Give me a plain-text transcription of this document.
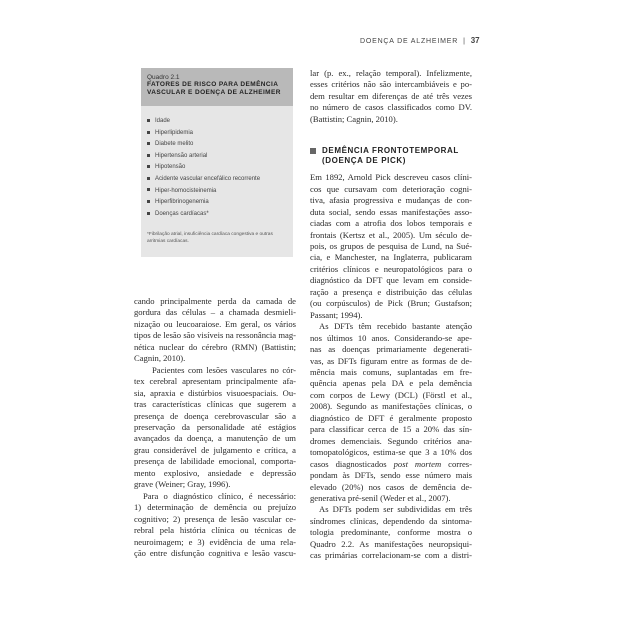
DOENÇA DE ALZHEIMER | 37
Quadro 2.1
FATORES DE RISCO PARA DEMÊNCIA
VASCULAR E DOENÇA DE ALZHEIMER
Idade
Hiperlipidemia
Diabete melito
Hipertensão arterial
Hipotensão
Acidente vascular encefálico recorrente
Hiper-homocisteinemia
Hiperfibrinogenemia
Doenças cardíacas*
*Fibrilação atrial, insuficiência cardíaca congestiva e outras
arritmias cardíacas.

cando principalmente perda da camada de
gordura das células – a chamada desmieli-
nização ou leucoaraiose. Em geral, os vários
tipos de lesão são visíveis na ressonância mag-
nética nuclear do cérebro (RMN) (Battistin;
Cagnin, 2010).

Pacientes com lesões vasculares no cór-
tex cerebral apresentam principalmente afa-
sia, apraxia e distúrbios visuoespaciais. Ou-
tras características clínicas que sugerem a
presença de doença cerebrovascular são a
preservação da personalidade até estágios
avançados da doença, a manutenção de um
grau considerável de julgamento e crítica, a
presença de labilidade emocional, comporta-
mento explosivo, ansiedade e depressão
grave (Weiner; Gray, 1996).

Para o diagnóstico clínico, é necessário:
1) determinação de demência ou prejuízo
cognitivo; 2) presença de lesão vascular ce-
rebral pela história clínica ou técnicas de
neuroimagem; e 3) evidência de uma rela-
ção entre disfunção cognitiva e lesão vascu-

lar (p. ex., relação temporal). Infelizmente,
esses critérios não são intercambiáveis e po-
dem resultar em diferenças de até três vezes
no número de casos classificados como DV.
(Battistin; Cagnin, 2010).

DEMÊNCIA FRONTOTEMPORAL
(DOENÇA DE PICK)

Em 1892, Arnold Pick descreveu casos clíni-
cos que cursavam com deterioração cogni-
tiva, afasia progressiva e mudanças de con-
duta social, sendo essas manifestações asso-
ciadas com a atrofia dos lobos temporais e
frontais (Kertsz et al., 2005). Um século de-
pois, os grupos de pesquisa de Lund, na Sué-
cia, e Manchester, na Inglaterra, publicaram
critérios clínicos e neuropatológicos para o
diagnóstico da DFT que levam em conside-
ração a presença e distribuição das células
(ou corpúsculos) de Pick (Brun; Gustafson;
Passant; 1994).

As DFTs têm recebido bastante atenção
nos últimos 10 anos. Considerando-se ape-
nas as doenças primariamente degenerati-
vas, as DFTs figuram entre as formas de de-
mência mais comuns, suplantadas em fre-
quência apenas pela DA e pela demência
com corpos de Lewy (DCL) (Förstl et al.,
2008). Segundo as manifestações clínicas, o
diagnóstico de DFT é geralmente proposto
para classificar cerca de 15 a 20% das sín-
dromes demenciais. Segundo critérios ana-
tomopatológicos, estima-se que 3 a 10% dos
casos diagnosticados post mortem corres-
pondam às DFTs, sendo esse número mais
elevado (20%) nos casos de demência de-
generativa pré-senil (Weder et al., 2007).

As DFTs podem ser subdivididas em três
síndromes clínicas, dependendo da sintoma-
tologia predominante, conforme mostra o
Quadro 2.2. As manifestações neuropsiqui-
cas primárias correlacionam-se com a distri-
